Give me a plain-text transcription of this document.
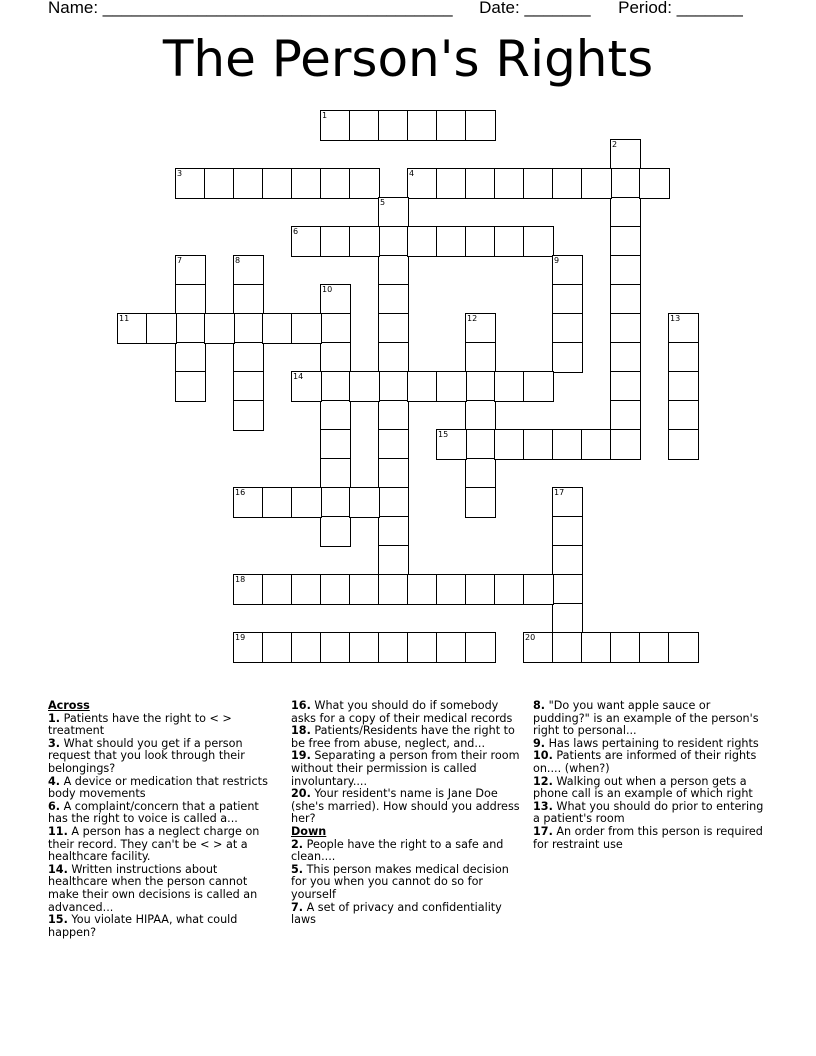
Name: _____________________________________ Date: _______ Period: _______
The Person's Rights
1
2
3	4
5
6
7	8	9
10
11	12	13
14
15
16	17
18
19	20
Across
1. Patients have the right to < > treatment
3. What should you get if a person request that you look through their belongings?
4. A device or medication that restricts body movements
6. A complaint/concern that a patient has the right to voice is called a...
11. A person has a neglect charge on their record. They can't be < > at a healthcare facility.
14. Written instructions about healthcare when the person cannot make their own decisions is called an advanced...
15. You violate HIPAA, what could happen?
16. What you should do if somebody asks for a copy of their medical records
18. Patients/Residents have the right to be free from abuse, neglect, and...
19. Separating a person from their room without their permission is called involuntary....
20. Your resident's name is Jane Doe (she's married). How should you address her?
Down
2. People have the right to a safe and clean....
5. This person makes medical decision for you when you cannot do so for yourself
7. A set of privacy and confidentiality laws
8. "Do you want apple sauce or pudding?" is an example of the person's right to personal...
9. Has laws pertaining to resident rights
10. Patients are informed of their rights on.... (when?)
12. Walking out when a person gets a phone call is an example of which right
13. What you should do prior to entering a patient's room
17. An order from this person is required for restraint use
